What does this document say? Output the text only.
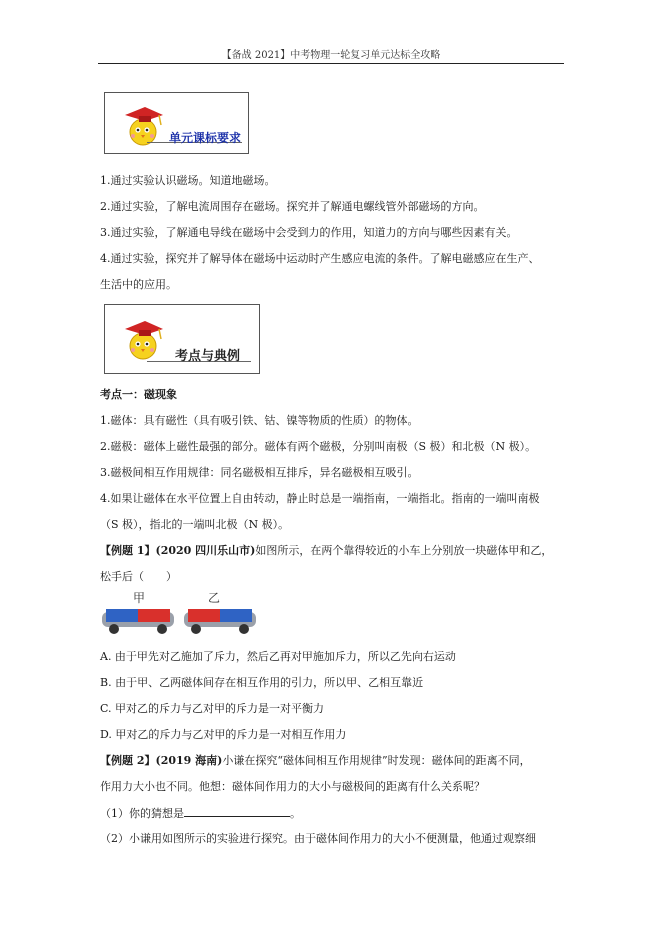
【备战 2021】中考物理一轮复习单元达标全攻略
单元课标要求
1.通过实验认识磁场。知道地磁场。
2.通过实验，了解电流周围存在磁场。探究并了解通电螺线管外部磁场的方向。
3.通过实验，了解通电导线在磁场中会受到力的作用，知道力的方向与哪些因素有关。
4.通过实验，探究并了解导体在磁场中运动时产生感应电流的条件。了解电磁感应在生产、
生活中的应用。
考点与典例
考点一：磁现象
1.磁体：具有磁性（具有吸引铁、钴、镍等物质的性质）的物体。
2.磁极：磁体上磁性最强的部分。磁体有两个磁极，分别叫南极（S 极）和北极（N 极）。
3.磁极间相互作用规律：同名磁极相互排斥，异名磁极相互吸引。
4.如果让磁体在水平位置上自由转动，静止时总是一端指南，一端指北。指南的一端叫南极
（S 极），指北的一端叫北极（N 极）。
【例题 1】(2020 四川乐山市)如图所示，在两个靠得较近的小车上分别放一块磁体甲和乙，
松手后（　　）
甲	乙
A. 由于甲先对乙施加了斥力，然后乙再对甲施加斥力，所以乙先向右运动
B. 由于甲、乙两磁体间存在相互作用的引力，所以甲、乙相互靠近
C. 甲对乙的斥力与乙对甲的斥力是一对平衡力
D. 甲对乙的斥力与乙对甲的斥力是一对相互作用力
【例题 2】(2019 海南)小谦在探究“磁体间相互作用规律”时发现：磁体间的距离不同，
作用力大小也不同。他想：磁体间作用力的大小与磁极间的距离有什么关系呢？
（1）你的猜想是	。
（2）小谦用如图所示的实验进行探究。由于磁体间作用力的大小不便测量，他通过观察细
